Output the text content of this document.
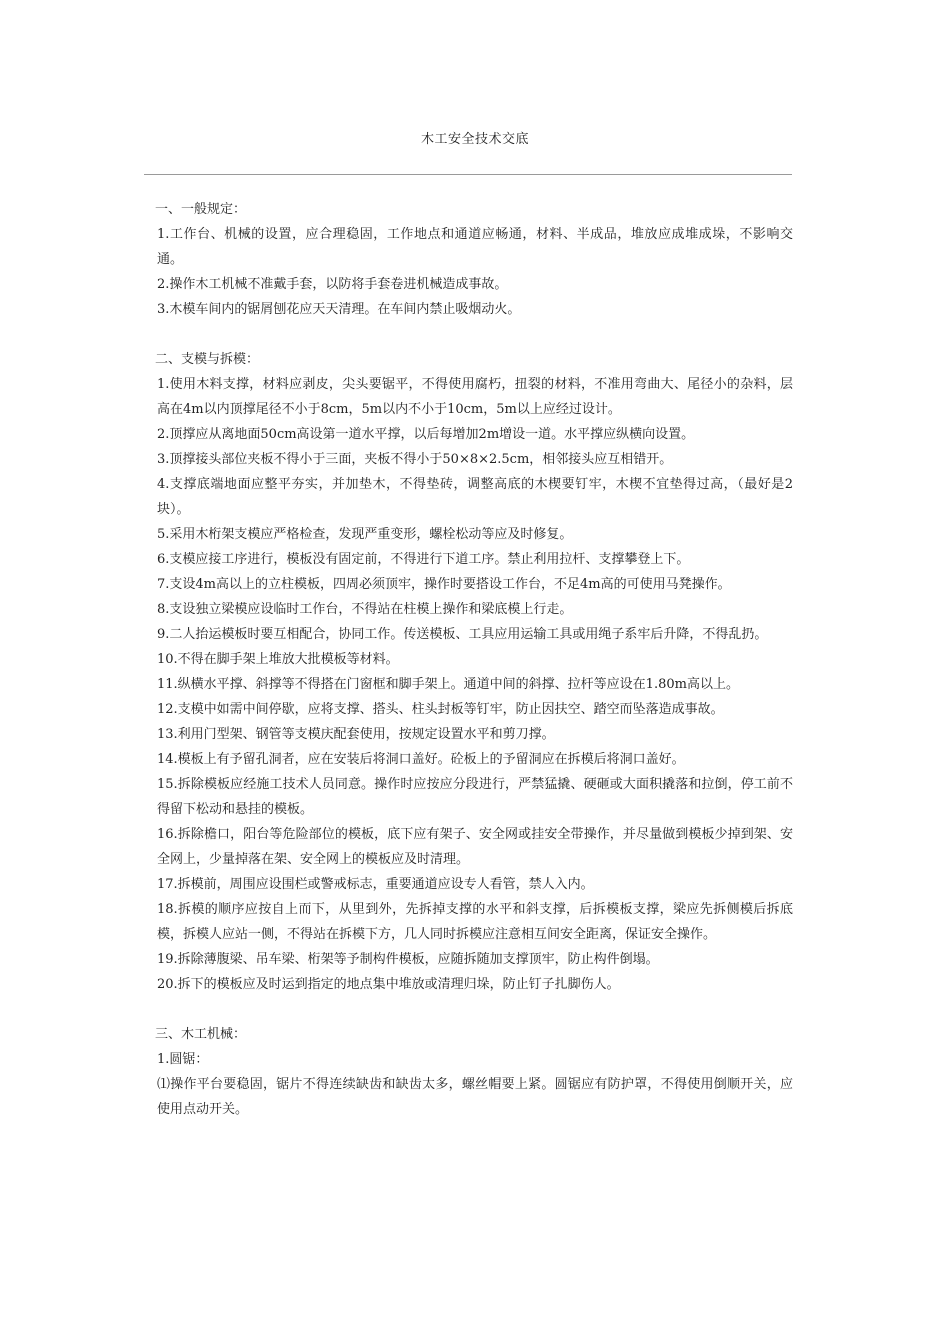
木工安全技术交底

一、一般规定：

1.工作台、机械的设置，应合理稳固，工作地点和通道应畅通，材料、半成品，堆放应成堆成垛，不影响交通。

2.操作木工机械不准戴手套，以防将手套卷进机械造成事故。

3.木模车间内的锯屑刨花应天天清理。在车间内禁止吸烟动火。

二、支模与拆模：

1.使用木料支撑，材料应剥皮，尖头要锯平，不得使用腐朽，扭裂的材料，不准用弯曲大、尾径小的杂料，层高在4m以内顶撑尾径不小于8cm，5m以内不小于10cm，5m以上应经过设计。

2.顶撑应从离地面50cm高设第一道水平撑，以后每增加2m增设一道。水平撑应纵横向设置。

3.顶撑接头部位夹板不得小于三面，夹板不得小于50×8×2.5cm，相邻接头应互相错开。

4.支撑底端地面应整平夯实，并加垫木，不得垫砖，调整高底的木楔要钉牢，木楔不宜垫得过高，（最好是2块）。

5.采用木桁架支模应严格检查，发现严重变形，螺栓松动等应及时修复。

6.支模应接工序进行，模板没有固定前，不得进行下道工序。禁止利用拉杆、支撑攀登上下。

7.支设4m高以上的立柱模板，四周必须顶牢，操作时要搭设工作台，不足4m高的可使用马凳操作。

8.支设独立梁模应设临时工作台，不得站在柱模上操作和梁底模上行走。

9.二人抬运模板时要互相配合，协同工作。传送模板、工具应用运输工具或用绳子系牢后升降，不得乱扔。

10.不得在脚手架上堆放大批模板等材料。

11.纵横水平撑、斜撑等不得搭在门窗框和脚手架上。通道中间的斜撑、拉杆等应设在1.80m高以上。

12.支模中如需中间停歇，应将支撑、搭头、柱头封板等钉牢，防止因扶空、踏空而坠落造成事故。

13.利用门型架、钢管等支模庆配套使用，按规定设置水平和剪刀撑。

14.模板上有予留孔洞者，应在安装后将洞口盖好。砼板上的予留洞应在拆模后将洞口盖好。

15.拆除模板应经施工技术人员同意。操作时应按应分段进行，严禁猛撬、硬砸或大面积撬落和拉倒，停工前不得留下松动和悬挂的模板。

16.拆除檐口，阳台等危险部位的模板，底下应有架子、安全网或挂安全带操作，并尽量做到模板少掉到架、安全网上，少量掉落在架、安全网上的模板应及时清理。

17.拆模前，周围应设围栏或警戒标志，重要通道应设专人看管，禁人入内。

18.拆模的顺序应按自上而下，从里到外，先拆掉支撑的水平和斜支撑，后拆模板支撑，梁应先拆侧模后拆底模，拆模人应站一侧，不得站在拆模下方，几人同时拆模应注意相互间安全距离，保证安全操作。

19.拆除薄腹梁、吊车梁、桁架等予制构件模板，应随拆随加支撑顶牢，防止构件倒塌。

20.拆下的模板应及时运到指定的地点集中堆放或清理归垛，防止钉子扎脚伤人。

三、木工机械：

1.圆锯：

⑴操作平台要稳固，锯片不得连续缺齿和缺齿太多，螺丝帽要上紧。圆锯应有防护罩，不得使用倒顺开关，应使用点动开关。
